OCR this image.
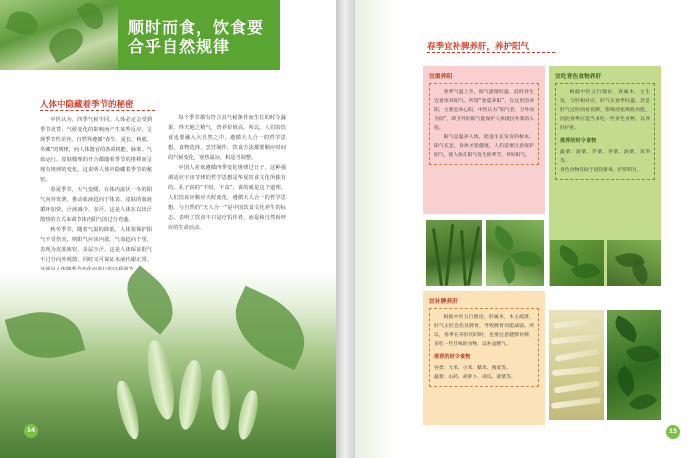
顺时而食，饮食要
合乎自然规律
人体中隐藏着季节的秘密

中医认为，四季气候不同，人体必定会受到季节更替，气候变化的影响而产生某些反应，呈现季节性差异。自然界遵循“春生、夏长、秋收、冬藏”的规律，而人体器官的各项机能、脉象、气血运行、皮肤腠理的开合都随着季节的推移而呈现有规律的变化。这说明人体中隐藏着季节的秘密。

春夏季节，天气变暖，在体内滋伏一冬的阳气向外发泄，推动血液趋向于体表，皮肤的血液循环加快，汗液减少。多汗，这是人体在以出汗散热的方式来调节体内阳气的过分充盛。

秋冬季节，随着气温的降低，人体要保护阳气不受伤害，则阳气应该内敛，气血趋向于里，表现为皮肤致密，多尿少汗，这是人体保证阳气不过分向外耗散，同时又可保证水液代谢正常。

每个季节都有符合其气候条件而生长的时令蔬果，得天地之精气，营养价值高，所以，人们的饮食也要融入大自然之中，遵循天人合一的哲学思想，食物选择，烹饪制作，饮食方法都要顺应时间的气候变化，寒热温凉，积适当调整。

中国人喜欢遵循四季变化规律过日子，这种强调适应宇宙节律的哲学思想是华夏饮食文化所独有的。孔子说的“不时，不食”，说的就是这个道理。人们饮食应顺应天时变化，遵循天人合一的哲学思想。与自然的“天人合一”是中国饮食文化养生的标志，表明了饮食不只是疗饥佳肴，而是和自然相呼应的生命活动。

14
春季宜补脾养肝，养护阳气
宜重养阳

春季气温上升，阳气逐渐旺盛，此时养生宜着保养阳气。所谓“春夏养阳”，在这里的养阳，主要是养心阳，中医认为“阳气者，卫外而为固”，即卫外的阳气能保护人体抵抗外邪的入侵。

阳气是温养人体，促进生长发育的根本。阳气充足，身体才能健康，人们需要注意保护阳气，使人体在阳气发生的季节，养好阳气。

宜吃青色食物养肝

根据中医五行理论，春属木，主生发，与肝相对应，肝气在春季旺盛。若是肝气过旺则易伤脾，影响消化吸收功能。因此春季应适当多吃一些青色食物，以养肝护肝。

推荐的时令食物
蔬菜：菠菜、芹菜、荠菜、油菜、莴笋等。
青色食物有助于清热排毒，护肝明目。
宜补脾养肝

根据中医五行理论，肝属木，木主疏泄，肝气太旺会伤及脾胃，导致脾胃功能减弱。所以，春季在养肝的同时，也要注意健脾补脾，多吃一些甘味的食物，以补益脾气。

推荐的时令食物
谷类：大米、小米、糯米、燕麦等。
蔬菜：山药、胡萝卜、南瓜、菠菜等。
15
